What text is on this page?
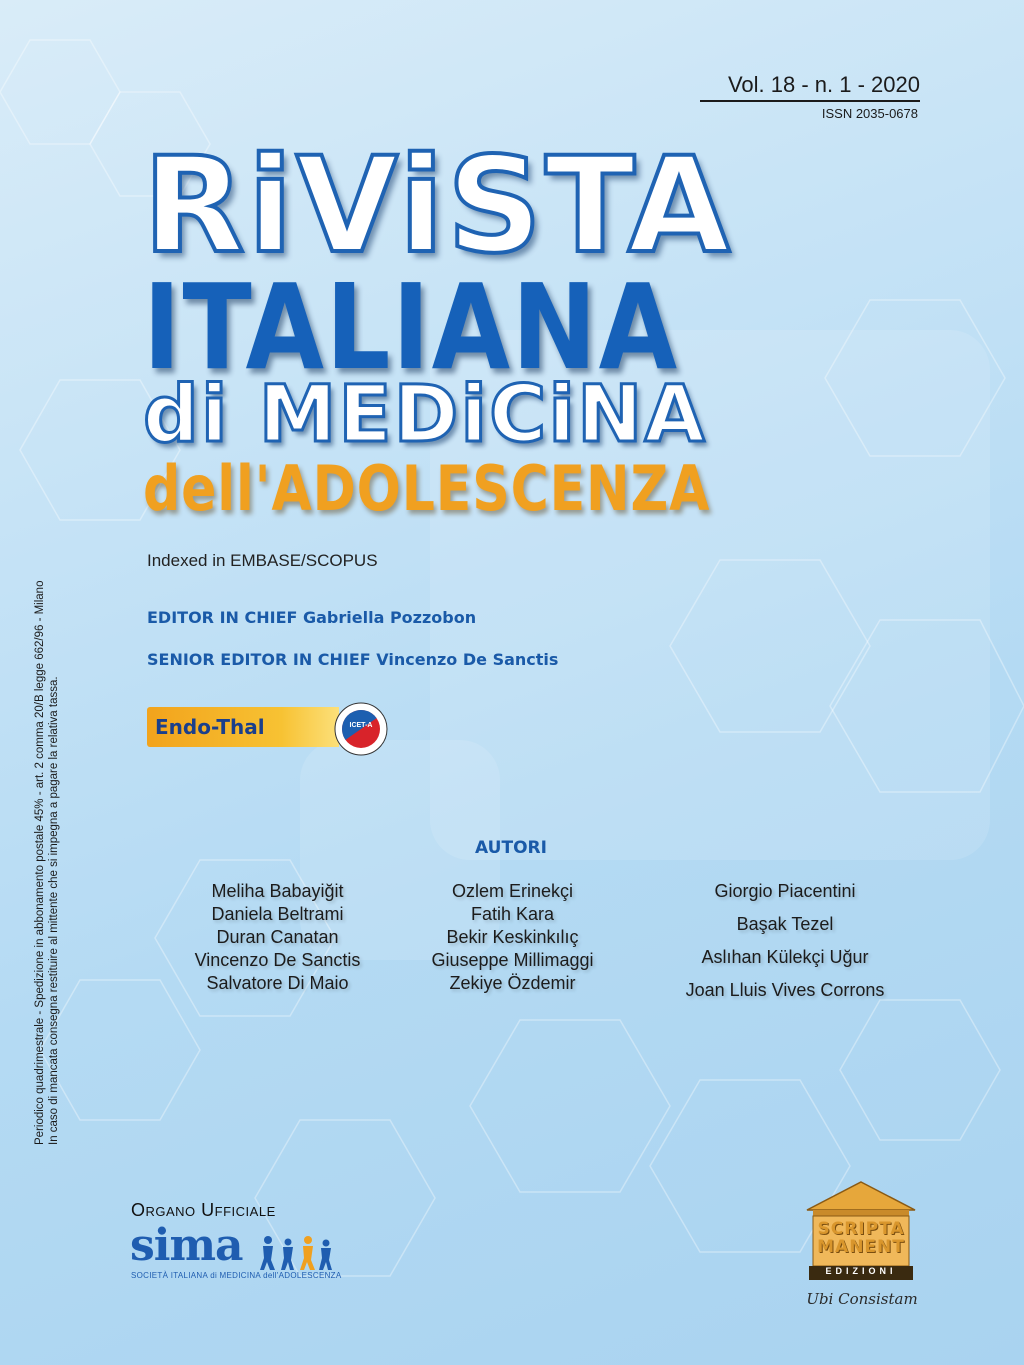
Vol. 18 - n. 1 - 2020
ISSN 2035-0678
RiViSTA
ITALIANA
di MEDiCiNA
dell'ADOLESCENZA
Indexed in EMBASE/SCOPUS
EDITOR IN CHIEF Gabriella Pozzobon
SENIOR EDITOR IN CHIEF Vincenzo De Sanctis
Endo-Thal	ICET-A
Periodico quadrimestrale - Spedizione in abbonamento postale 45% - art. 2 comma 20/B legge 662/96 - Milano In caso di mancata consegna restituire al mittente che si impegna a pagare la relativa tassa.	AUTORI
Meliha Babayiğit
Daniela Beltrami
Duran Canatan
Vincenzo De Sanctis
Salvatore Di Maio
Ozlem Erinekçi
Fatih Kara
Bekir Keskinkılıç
Giuseppe Millimaggi
Zekiye Özdemir
Giorgio Piacentini
Başak Tezel
Aslıhan Külekçi Uğur
Joan Lluis Vives Corrons
Organo Ufficiale
sima
SOCIETÀ ITALIANA di MEDICINA dell'ADOLESCENZA
SCRIPTA
MANENT
EDIZIONI
Ubi Consistam
